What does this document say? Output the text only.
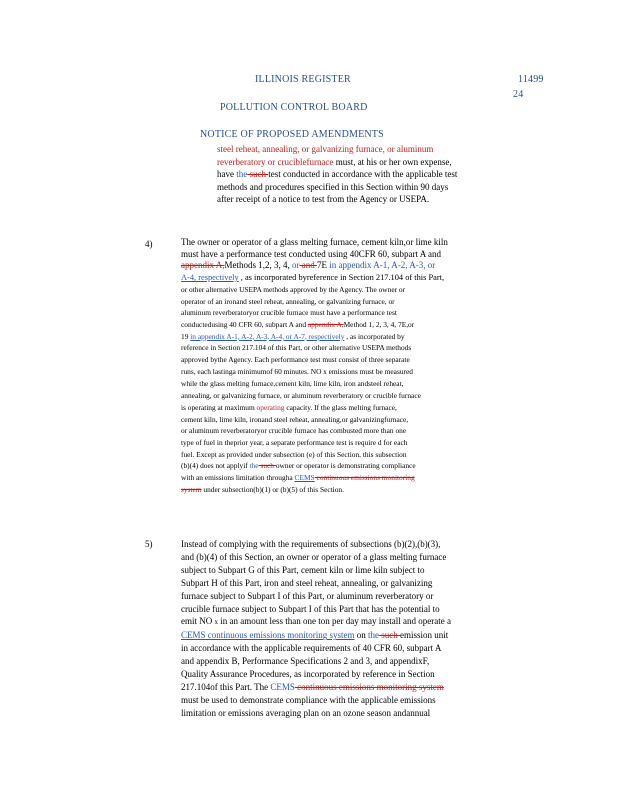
ILLINOIS REGISTER	11499
24
POLLUTION CONTROL BOARD
NOTICE OF PROPOSED AMENDMENTS
steel reheat, annealing, or galvanizing furnace, or aluminum
reverberatory or cruciblefurnace must, at his or her own expense,
have the such test conducted in accordance with the applicable test
methods and procedures specified in this Section within 90 days
after receipt of a notice to test from the Agency or USEPA.
4)	The owner or operator of a glass melting furnace, cement kiln,or lime kiln
must have a performance test conducted using 40CFR 60, subpart A and
appendix A,Methods 1,2, 3, 4, or and 7E in appendix A-1, A-2, A-3, or
A-4, respectively , as incorporated byreference in Section 217.104 of this Part,
or other alternative USEPA methods approved by the Agency. The owner or
operator of an ironand steel reheat, annealing, or galvanizing furnace, or
aluminum reverberatoryor crucible furnace must have a performance test
conductedusing 40 CFR 60, subpart A and appendix A,Method 1, 2, 3, 4, 7E,or
19 in appendix A-1, A-2, A-3, A-4, or A-7, respectively , as incorporated by
reference in Section 217.104 of this Part, or other alternative USEPA methods
approved bythe Agency. Each performance test must consist of three separate
runs, each lastinga minimumof 60 minutes. NO x emissions must be measured
while the glass melting furnace,cement kiln, lime kiln, iron andsteel reheat,
annealing, or galvanizing furnace, or aluminum reverberatory or crucible furnace
is operating at maximum operating capacity. If the glass melting furnace,
cement kiln, lime kiln, ironand steel reheat, annealing,or galvanizingfurnace,
or aluminum reverberatoryor crucible furnace has combusted more than one
type of fuel in theprior year, a separate performance test is require d for each
fuel. Except as provided under subsection (e) of this Section, this subsection
(b)(4) does not applyif the such owner or operator is demonstrating compliance
with an emissions limitation througha CEMS continuous emissions monitoring
system under subsection(b)(1) or (b)(5) of this Section.
5)	Instead of complying with the requirements of subsections (b)(2),(b)(3),
and (b)(4) of this Section, an owner or operator of a glass melting furnace
subject to Subpart G of this Part, cement kiln or lime kiln subject to
Subpart H of this Part, iron and steel reheat, annealing, or galvanizing
furnace subject to Subpart I of this Part, or aluminum reverberatory or
crucible furnace subject to Subpart I of this Part that has the potential to
emit NO x in an amount less than one ton per day may install and operate a
CEMS continuous emissions monitoring system on the such emission unit
in accordance with the applicable requirements of 40 CFR 60, subpart A
and appendix B, Performance Specifications 2 and 3, and appendixF,
Quality Assurance Procedures, as incorporated by reference in Section
217.104of this Part. The CEMS continuous emissions monitoring system
must be used to demonstrate compliance with the applicable emissions
limitation or emissions averaging plan on an ozone season andannual
